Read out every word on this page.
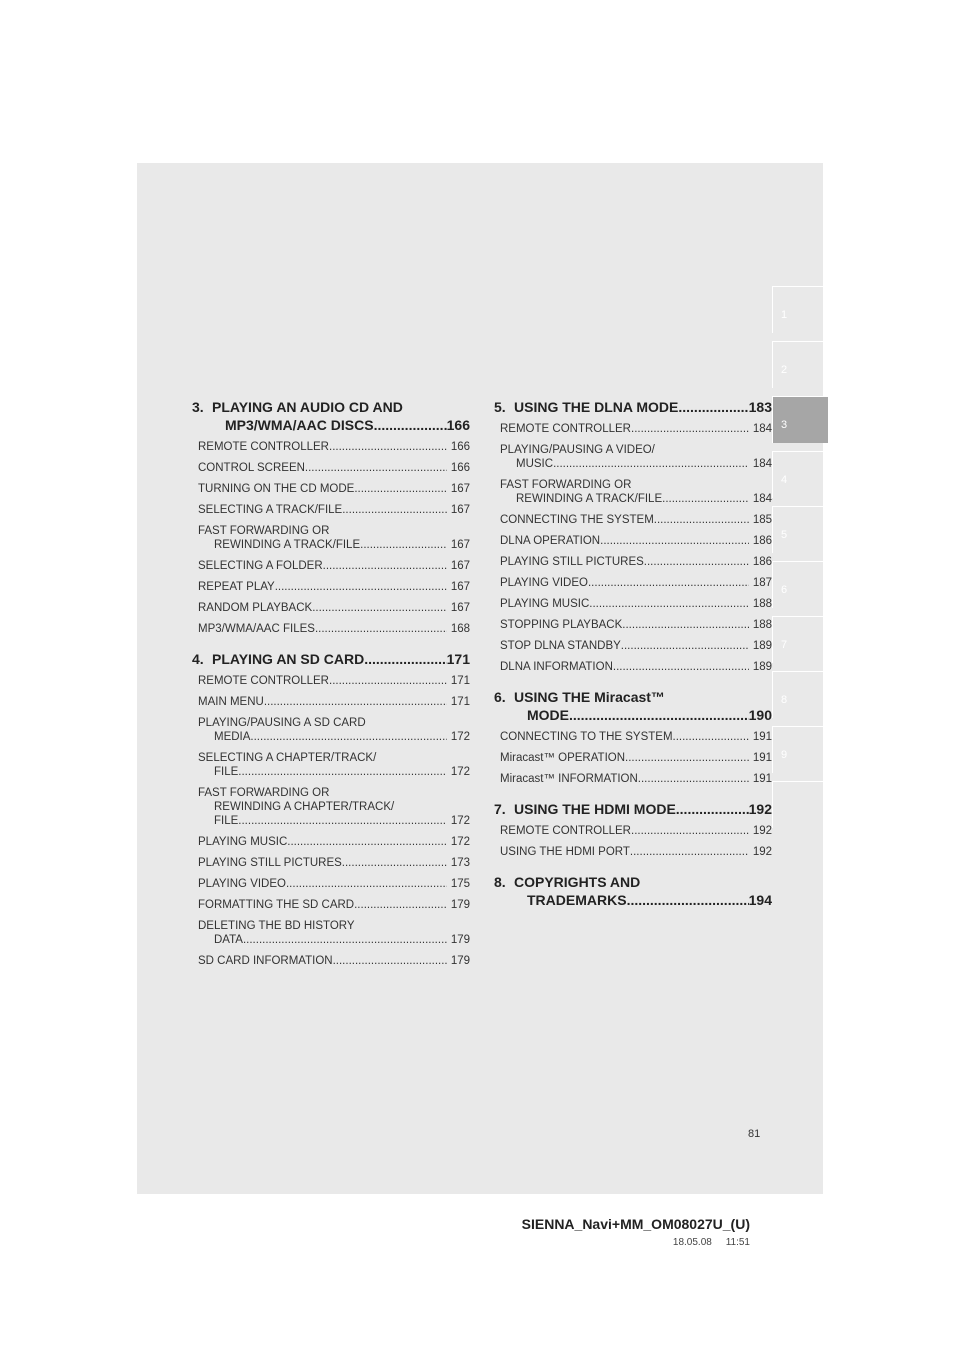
1
2
3
4
5
6
7
8
9
3.PLAYING AN AUDIO CD AND
MP3/WMA/AAC DISCS .....	166
REMOTE CONTROLLER .....	166
CONTROL SCREEN .....	166
TURNING ON THE CD MODE .....	167
SELECTING A TRACK/FILE .....	167
FAST FORWARDING OR
REWINDING A TRACK/FILE .....	167
SELECTING A FOLDER .....	167
REPEAT PLAY .....	167
RANDOM PLAYBACK .....	167
MP3/WMA/AAC FILES .....	168
4. PLAYING AN SD CARD .....	171
REMOTE CONTROLLER .....	171
MAIN MENU .....	171
PLAYING/PAUSING A SD CARD
MEDIA .....	172
SELECTING A CHAPTER/TRACK/
FILE .....	172
FAST FORWARDING OR
REWINDING A CHAPTER/TRACK/
FILE .....	172
PLAYING MUSIC .....	172
PLAYING STILL PICTURES .....	173
PLAYING VIDEO .....	175
FORMATTING THE SD CARD .....	179
DELETING THE BD HISTORY
DATA .....	179
SD CARD INFORMATION .....	179
5. USING THE DLNA MODE .....	183
REMOTE CONTROLLER .....	184
PLAYING/PAUSING A VIDEO/
MUSIC .....	184
FAST FORWARDING OR
REWINDING A TRACK/FILE .....	184
CONNECTING THE SYSTEM .....	185
DLNA OPERATION .....	186
PLAYING STILL PICTURES .....	186
PLAYING VIDEO .....	187
PLAYING MUSIC .....	188
STOPPING PLAYBACK .....	188
STOP DLNA STANDBY .....	189
DLNA INFORMATION .....	189
6.USING THE Miracast™
MODE .....	190
CONNECTING TO THE SYSTEM .....	191
Miracast™ OPERATION .....	191
Miracast™ INFORMATION .....	191
7. USING THE HDMI MODE .....	192
REMOTE CONTROLLER .....	192
USING THE HDMI PORT .....	192
8.COPYRIGHTS AND
TRADEMARKS .....	194
81
SIENNA_Navi+MM_OM08027U_(U)
18.05.08     11:51
